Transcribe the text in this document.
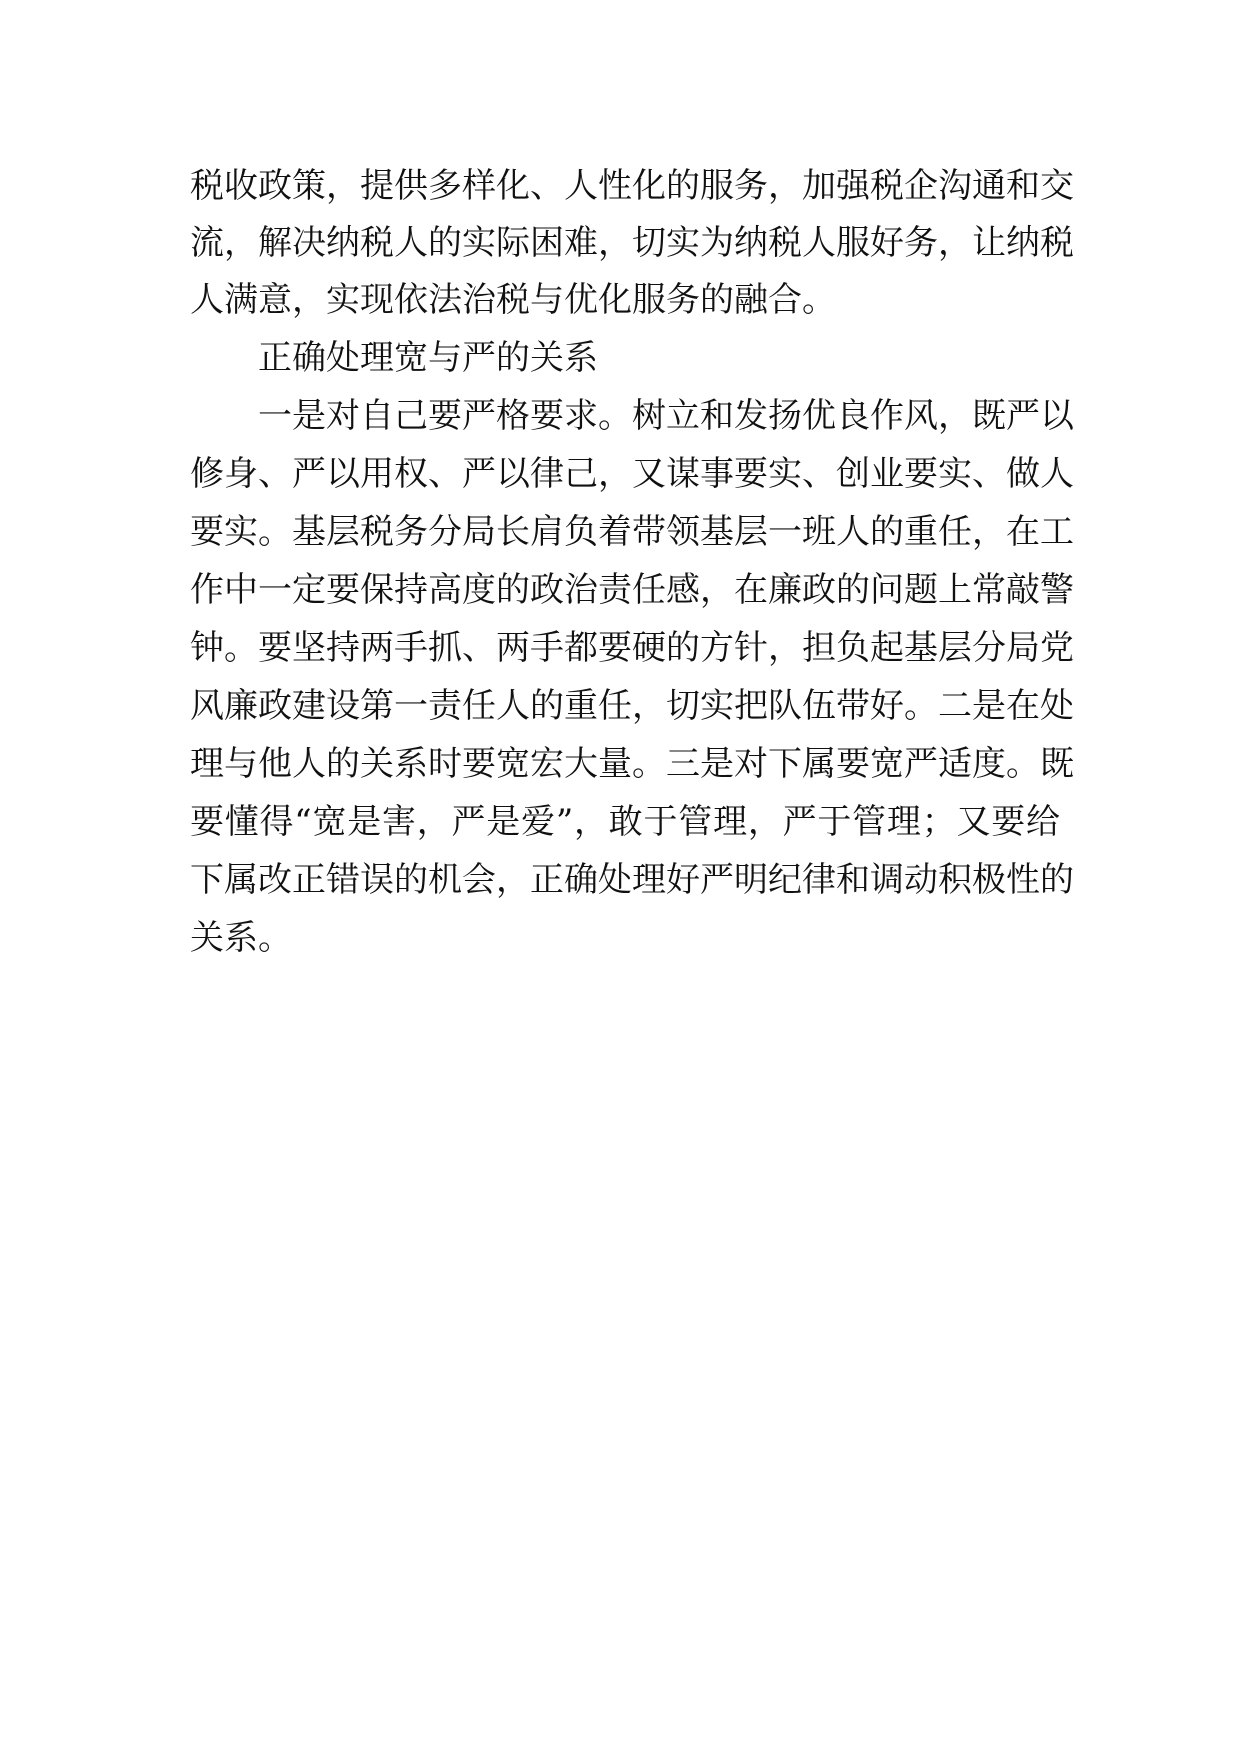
税收政策，提供多样化、人性化的服务，加强税企沟通和交
流，解决纳税人的实际困难，切实为纳税人服好务，让纳税
人满意，实现依法治税与优化服务的融合。
正确处理宽与严的关系
一是对自己要严格要求。树立和发扬优良作风，既严以
修身、严以用权、严以律己，又谋事要实、创业要实、做人
要实。基层税务分局长肩负着带领基层一班人的重任，在工
作中一定要保持高度的政治责任感，在廉政的问题上常敲警
钟。要坚持两手抓、两手都要硬的方针，担负起基层分局党
风廉政建设第一责任人的重任，切实把队伍带好。二是在处
理与他人的关系时要宽宏大量。三是对下属要宽严适度。既
要懂得“宽是害，严是爱”，敢于管理，严于管理；又要给
下属改正错误的机会，正确处理好严明纪律和调动积极性的
关系。
